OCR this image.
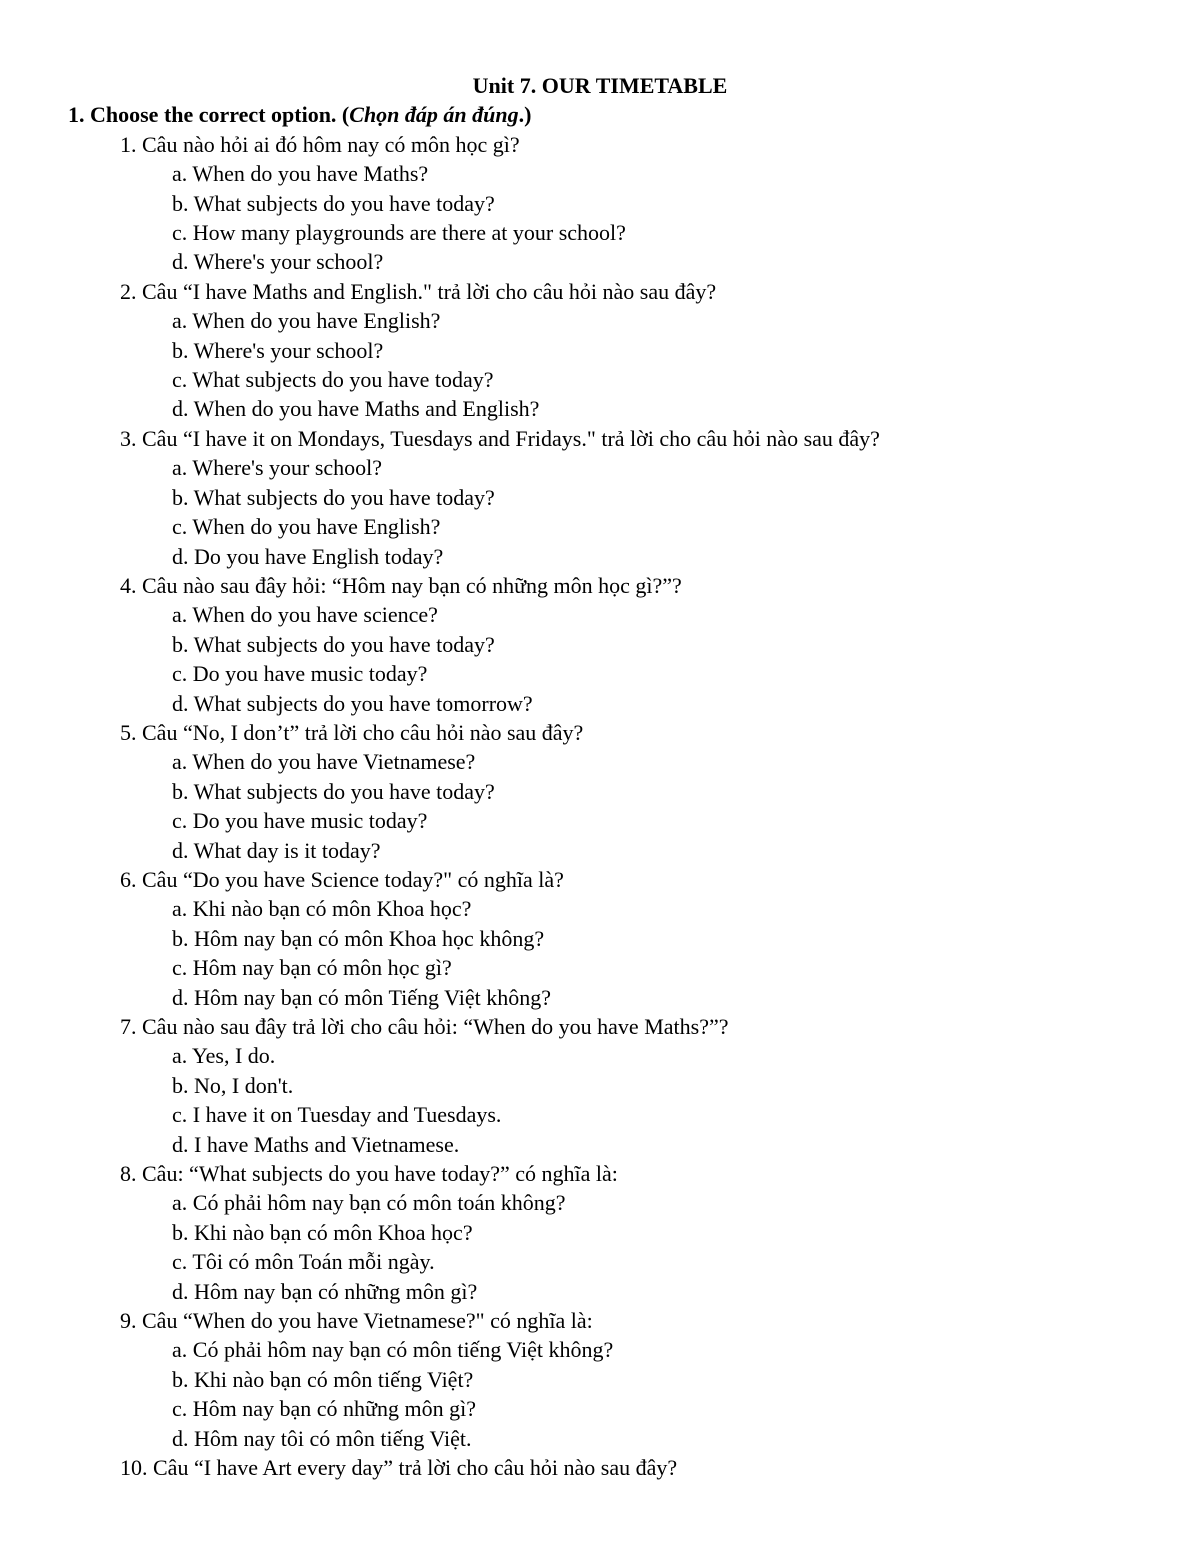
Unit 7. OUR TIMETABLE
1. Choose the correct option. (Chọn đáp án đúng.)
1. Câu nào hỏi ai đó hôm nay có môn học gì?
a. When do you have Maths?
b. What subjects do you have today?
c. How many playgrounds are there at your school?
d. Where's your school?
2. Câu “I have Maths and English." trả lời cho câu hỏi nào sau đây?
a. When do you have English?
b. Where's your school?
c. What subjects do you have today?
d. When do you have Maths and English?
3. Câu “I have it on Mondays, Tuesdays and Fridays." trả lời cho câu hỏi nào sau đây?
a. Where's your school?
b. What subjects do you have today?
c. When do you have English?
d. Do you have English today?
4. Câu nào sau đây hỏi: “Hôm nay bạn có những môn học gì?”?
a. When do you have science?
b. What subjects do you have today?
c. Do you have music today?
d. What subjects do you have tomorrow?
5. Câu “No, I don’t” trả lời cho câu hỏi nào sau đây?
a. When do you have Vietnamese?
b. What subjects do you have today?
c. Do you have music today?
d. What day is it today?
6. Câu “Do you have Science today?" có nghĩa là?
a. Khi nào bạn có môn Khoa học?
b. Hôm nay bạn có môn Khoa học không?
c. Hôm nay bạn có môn học gì?
d. Hôm nay bạn có môn Tiếng Việt không?
7. Câu nào sau đây trả lời cho câu hỏi: “When do you have Maths?”?
a. Yes, I do.
b. No, I don't.
c. I have it on Tuesday and Tuesdays.
d. I have Maths and Vietnamese.
8. Câu: “What subjects do you have today?” có nghĩa là:
a. Có phải hôm nay bạn có môn toán không?
b. Khi nào bạn có môn Khoa học?
c. Tôi có môn Toán mỗi ngày.
d. Hôm nay bạn có những môn gì?
9. Câu “When do you have Vietnamese?" có nghĩa là:
a. Có phải hôm nay bạn có môn tiếng Việt không?
b. Khi nào bạn có môn tiếng Việt?
c. Hôm nay bạn có những môn gì?
d. Hôm nay tôi có môn tiếng Việt.
10. Câu “I have Art every day” trả lời cho câu hỏi nào sau đây?
